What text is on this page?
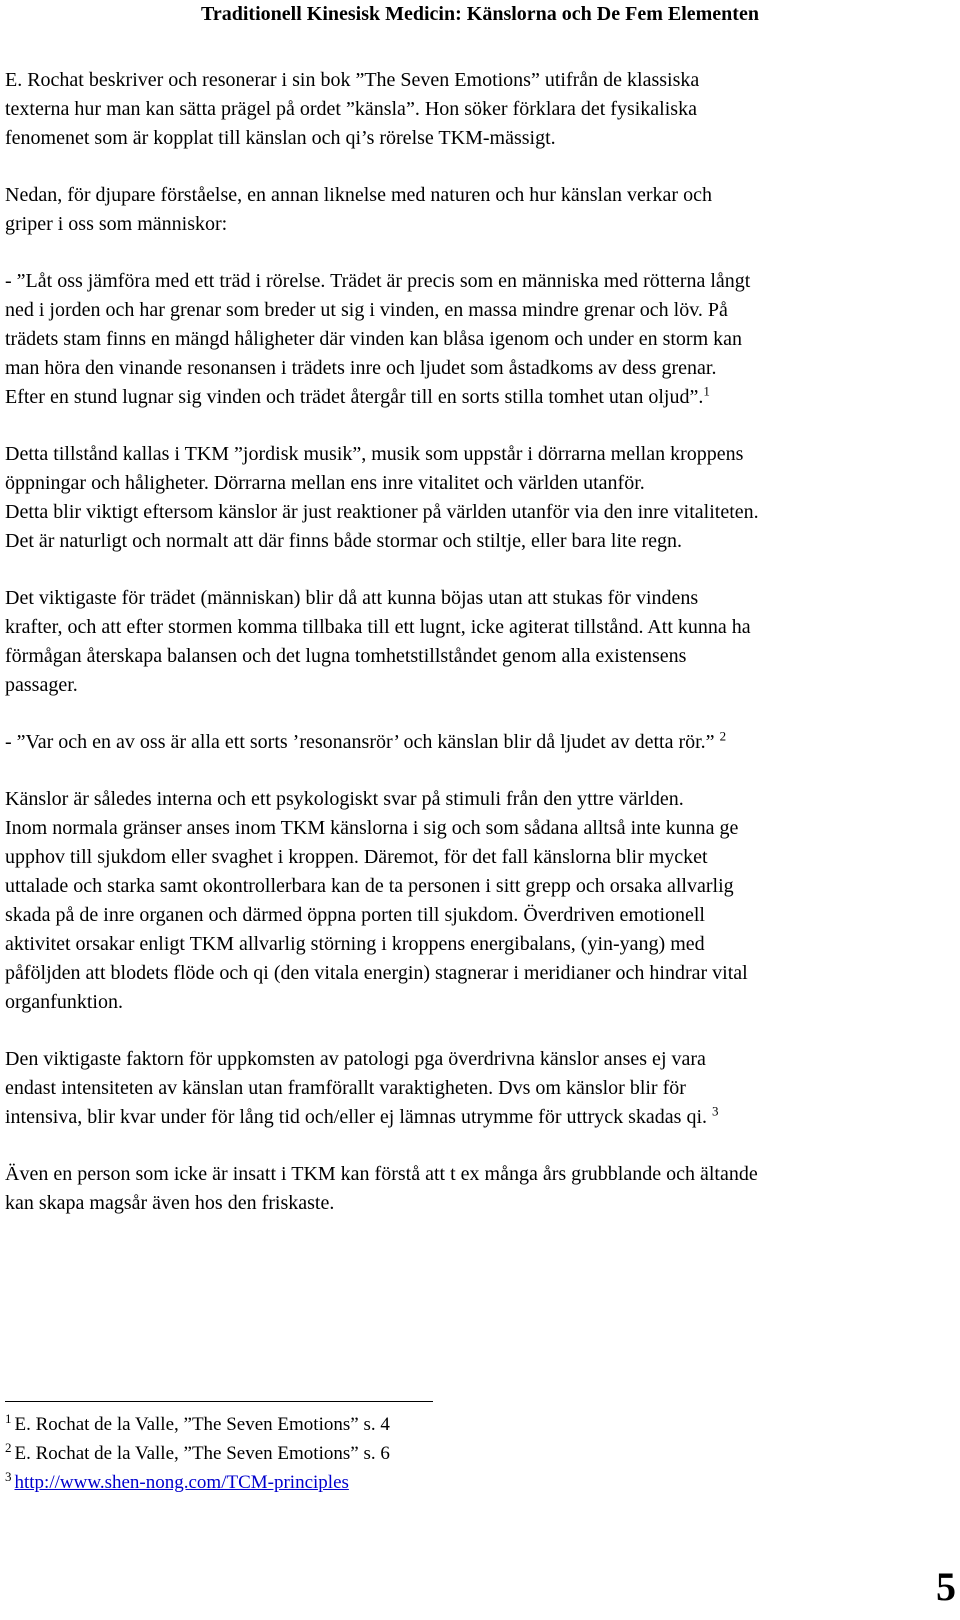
Traditionell Kinesisk Medicin: Känslorna och De Fem Elementen

E. Rochat beskriver och resonerar i sin bok ”The Seven Emotions” utifrån de klassiska
texterna hur man kan sätta prägel på ordet ”känsla”. Hon söker förklara det fysikaliska
fenomenet som är kopplat till känslan och qi’s rörelse TKM-mässigt.

Nedan, för djupare förståelse, en annan liknelse med naturen och hur känslan verkar och
griper i oss som människor:

- ”Låt oss jämföra med ett träd i rörelse. Trädet är precis som en människa med rötterna långt
ned i jorden och har grenar som breder ut sig i vinden, en massa mindre grenar och löv. På
trädets stam finns en mängd håligheter där vinden kan blåsa igenom och under en storm kan
man höra den vinande resonansen i trädets inre och ljudet som åstadkoms av dess grenar.
Efter en stund lugnar sig vinden och trädet återgår till en sorts stilla tomhet utan oljud”.$^1$

Detta tillstånd kallas i TKM ”jordisk musik”, musik som uppstår i dörrarna mellan kroppens
öppningar och håligheter. Dörrarna mellan ens inre vitalitet och världen utanför.
Detta blir viktigt eftersom känslor är just reaktioner på världen utanför via den inre vitaliteten.
Det är naturligt och normalt att där finns både stormar och stiltje, eller bara lite regn.

Det viktigaste för trädet (människan) blir då att kunna böjas utan att stukas för vindens
krafter, och att efter stormen komma tillbaka till ett lugnt, icke agiterat tillstånd. Att kunna ha
förmågan återskapa balansen och det lugna tomhetstillståndet genom alla existensens
passager.

- ”Var och en av oss är alla ett sorts ’resonansrör’ och känslan blir då ljudet av detta rör.” $^2$

Känslor är således interna och ett psykologiskt svar på stimuli från den yttre världen.
Inom normala gränser anses inom TKM känslorna i sig och som sådana alltså inte kunna ge
upphov till sjukdom eller svaghet i kroppen. Däremot, för det fall känslorna blir mycket
uttalade och starka samt okontrollerbara kan de ta personen i sitt grepp och orsaka allvarlig
skada på de inre organen och därmed öppna porten till sjukdom. Överdriven emotionell
aktivitet orsakar enligt TKM allvarlig störning i kroppens energibalans, (yin-yang) med
påföljden att blodets flöde och qi (den vitala energin) stagnerar i meridianer och hindrar vital
organfunktion.

Den viktigaste faktorn för uppkomsten av patologi pga överdrivna känslor anses ej vara
endast intensiteten av känslan utan framförallt varaktigheten. Dvs om känslor blir för
intensiva, blir kvar under för lång tid och/eller ej lämnas utrymme för uttryck skadas qi. $^3$

Även en person som icke är insatt i TKM kan förstå att t ex många års grubblande och ältande
kan skapa magsår även hos den friskaste.

$^1$ E. Rochat de la Valle, ”The Seven Emotions” s. 4
$^2$ E. Rochat de la Valle, ”The Seven Emotions” s. 6
$^3$ http://www.shen-nong.com/TCM-principles
5
